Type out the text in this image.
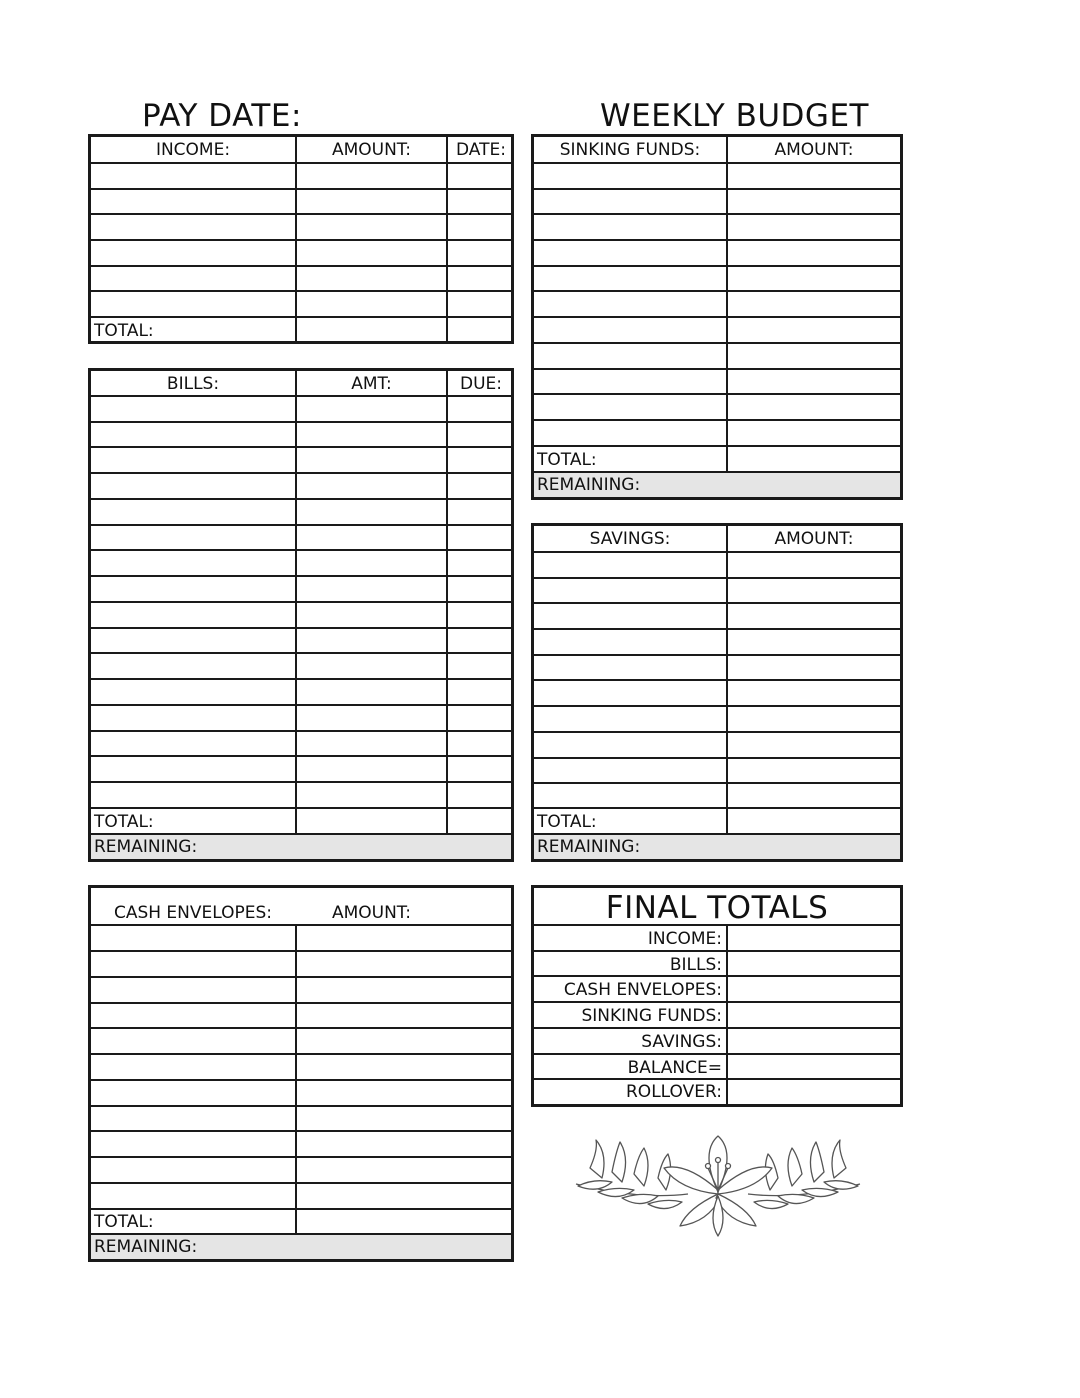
PAY DATE:	WEEKLY BUDGET
INCOME:	AMOUNT:	DATE:
TOTAL:
BILLS:	AMT:	DUE:
TOTAL:
REMAINING:
CASH ENVELOPES:	AMOUNT:
TOTAL:
REMAINING:
SINKING FUNDS:	AMOUNT:
TOTAL:
REMAINING:
SAVINGS:	AMOUNT:
TOTAL:
REMAINING:
FINAL TOTALS
INCOME:
BILLS:
CASH ENVELOPES:
SINKING FUNDS:
SAVINGS:
BALANCE=
ROLLOVER:
